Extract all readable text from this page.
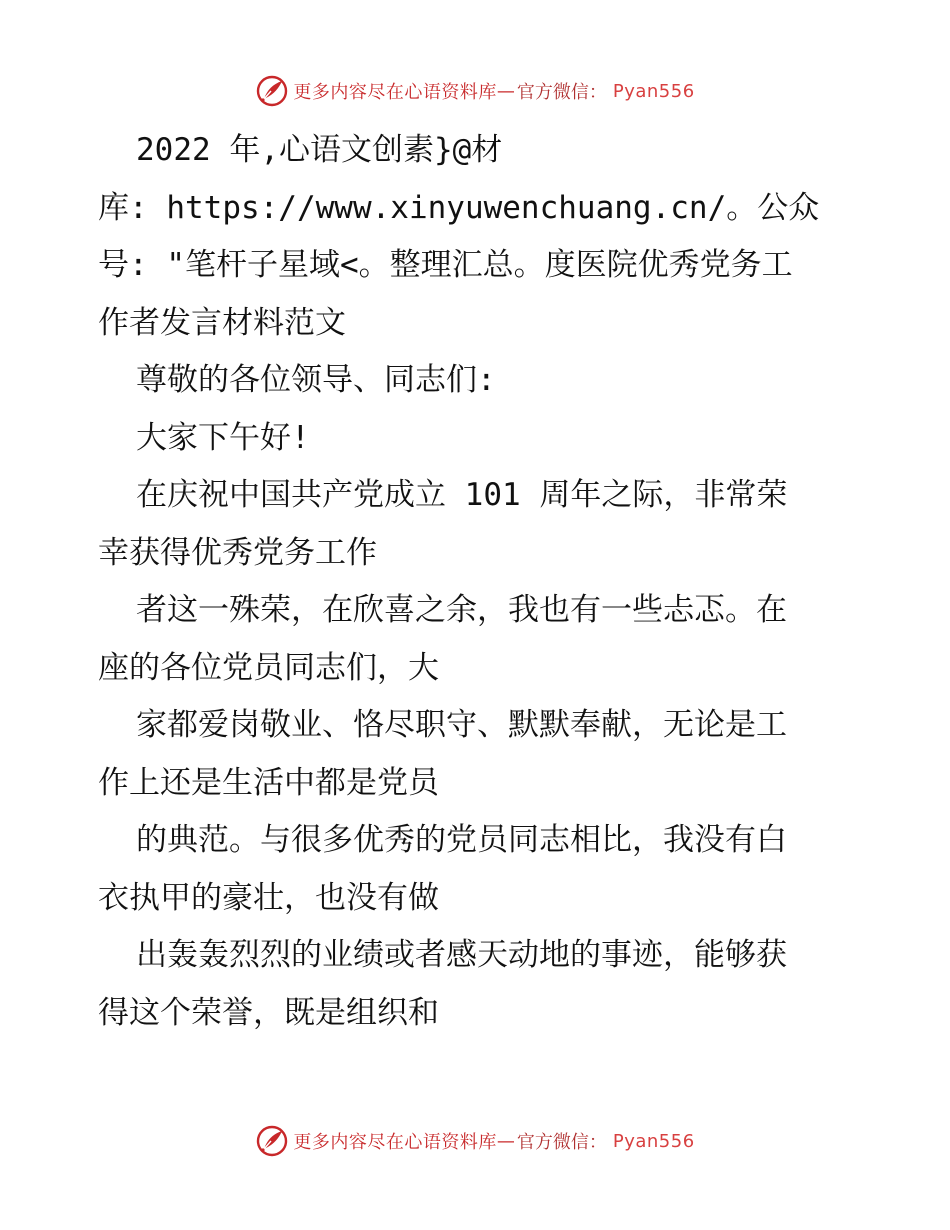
更多内容尽在心语资料库 — 官方微信： Pyan556
2022 年,心语文创素}@材
库: https://www.xinyuwenchuang.cn/。公众
号: "笔杆子星域<。整理汇总。度医院优秀党务工
作者发言材料范文
尊敬的各位领导、同志们:
大家下午好!
在庆祝中国共产党成立 101 周年之际，非常荣
幸获得优秀党务工作
者这一殊荣，在欣喜之余，我也有一些忐忑。在
座的各位党员同志们，大
家都爱岗敬业、恪尽职守、默默奉献，无论是工
作上还是生活中都是党员
的典范。与很多优秀的党员同志相比，我没有白
衣执甲的豪壮，也没有做
出轰轰烈烈的业绩或者感天动地的事迹，能够获
得这个荣誉，既是组织和
更多内容尽在心语资料库 — 官方微信： Pyan556
